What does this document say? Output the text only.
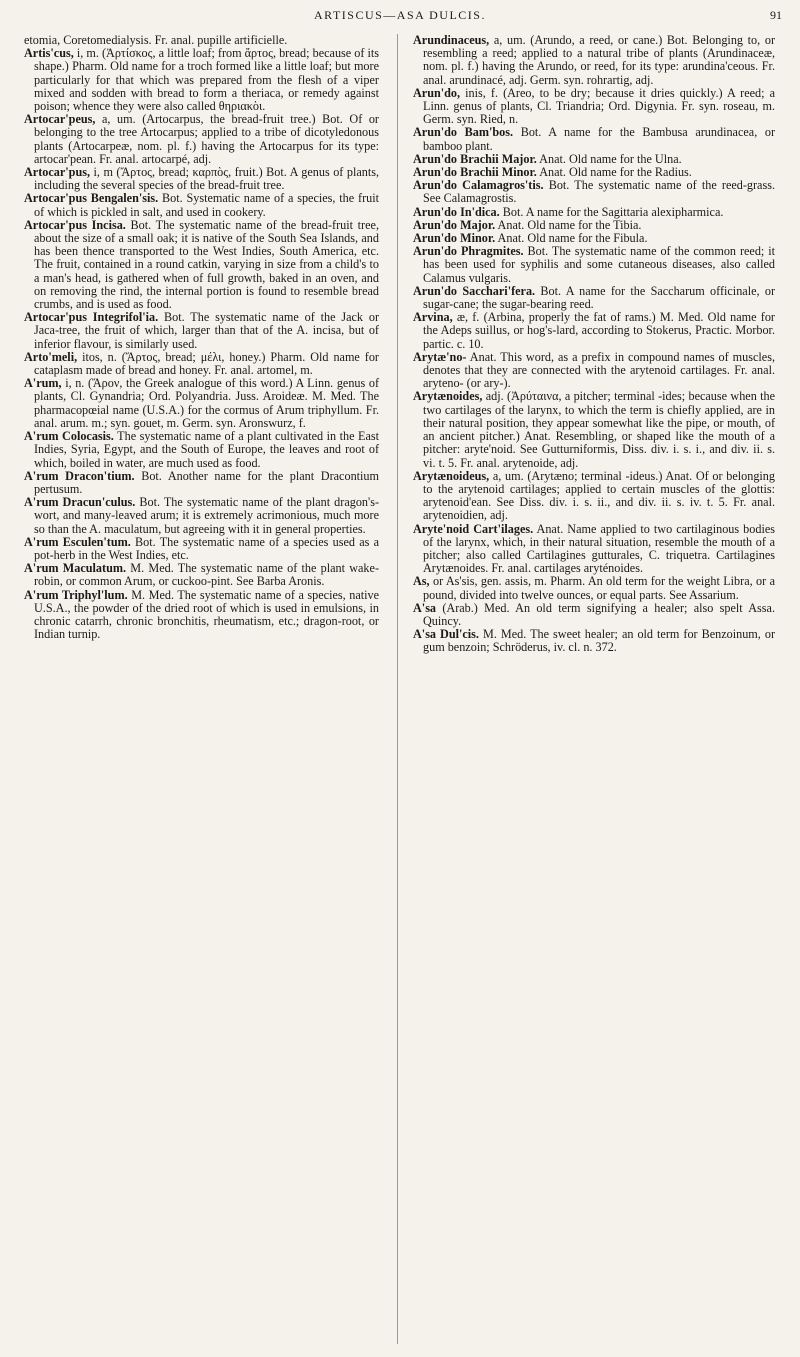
ARTISCUS—ASA DULCIS.	91

etomia, Coretomedialysis. Fr. anal. pupille artificielle.

Artis'cus, i, m. (Ἀρτίσκος, a little loaf; from ἄρτος, bread; because of its shape.) Pharm. Old name for a troch formed like a little loaf; but more particularly for that which was prepared from the flesh of a viper mixed and sodden with bread to form a theriaca, or remedy against poison; whence they were also called θηριακὸι.

Artocar'peus, a, um. (Artocarpus, the bread-fruit tree.) Bot. Of or belonging to the tree Artocarpus; applied to a tribe of dicotyledonous plants (Artocarpeæ, nom. pl. f.) having the Artocarpus for its type: artocar'pean. Fr. anal. artocarpé, adj.

Artocar'pus, i, m (Ἄρτος, bread; καρπὸς, fruit.) Bot. A genus of plants, including the several species of the bread-fruit tree.

Artocar'pus Bengalen'sis. Bot. Systematic name of a species, the fruit of which is pickled in salt, and used in cookery.

Artocar'pus Incisa. Bot. The systematic name of the bread-fruit tree, about the size of a small oak; it is native of the South Sea Islands, and has been thence transported to the West Indies, South America, etc. The fruit, contained in a round catkin, varying in size from a child's to a man's head, is gathered when of full growth, baked in an oven, and on removing the rind, the internal portion is found to resemble bread crumbs, and is used as food.

Artocar'pus Integrifol'ia. Bot. The systematic name of the Jack or Jaca-tree, the fruit of which, larger than that of the A. incisa, but of inferior flavour, is similarly used.

Arto'meli, itos, n. (Ἄρτος, bread; μέλι, honey.) Pharm. Old name for cataplasm made of bread and honey. Fr. anal. artomel, m.

A'rum, i, n. (Ἄρον, the Greek analogue of this word.) A Linn. genus of plants, Cl. Gynandria; Ord. Polyandria. Juss. Aroideæ. M. Med. The pharmacopœial name (U.S.A.) for the cormus of Arum triphyllum. Fr. anal. arum. m.; syn. gouet, m. Germ. syn. Aronswurz, f.

A'rum Colocasis. The systematic name of a plant cultivated in the East Indies, Syria, Egypt, and the South of Europe, the leaves and root of which, boiled in water, are much used as food.

A'rum Dracon'tium. Bot. Another name for the plant Dracontium pertusum.

A'rum Dracun'culus. Bot. The systematic name of the plant dragon's-wort, and many-leaved arum; it is extremely acrimonious, much more so than the A. maculatum, but agreeing with it in general properties.

A'rum Esculen'tum. Bot. The systematic name of a species used as a pot-herb in the West Indies, etc.

A'rum Maculatum. M. Med. The systematic name of the plant wake-robin, or common Arum, or cuckoo-pint. See Barba Aronis.

A'rum Triphyl'lum. M. Med. The systematic name of a species, native U.S.A., the powder of the dried root of which is used in emulsions, in chronic catarrh, chronic bronchitis, rheumatism, etc.; dragon-root, or Indian turnip.

Arundinaceus, a, um. (Arundo, a reed, or cane.) Bot. Belonging to, or resembling a reed; applied to a natural tribe of plants (Arundinaceæ, nom. pl. f.) having the Arundo, or reed, for its type: arundina'ceous. Fr. anal. arundinacé, adj. Germ. syn. rohrartig, adj.

Arun'do, inis, f. (Areo, to be dry; because it dries quickly.) A reed; a Linn. genus of plants, Cl. Triandria; Ord. Digynia. Fr. syn. roseau, m. Germ. syn. Ried, n.

Arun'do Bam'bos. Bot. A name for the Bambusa arundinacea, or bamboo plant.

Arun'do Brachii Major. Anat. Old name for the Ulna.

Arun'do Brachii Minor. Anat. Old name for the Radius.

Arun'do Calamagros'tis. Bot. The systematic name of the reed-grass. See Calamagrostis.

Arun'do In'dica. Bot. A name for the Sagittaria alexipharmica.

Arun'do Major. Anat. Old name for the Tibia.

Arun'do Minor. Anat. Old name for the Fibula.

Arun'do Phragmites. Bot. The systematic name of the common reed; it has been used for syphilis and some cutaneous diseases, also called Calamus vulgaris.

Arun'do Sacchari'fera. Bot. A name for the Saccharum officinale, or sugar-cane; the sugar-bearing reed.

Arvina, æ, f. (Arbina, properly the fat of rams.) M. Med. Old name for the Adeps suillus, or hog's-lard, according to Stokerus, Practic. Morbor. partic. c. 10.

Arytæ'no- Anat. This word, as a prefix in compound names of muscles, denotes that they are connected with the arytenoid cartilages. Fr. anal. aryteno- (or ary-).

Arytænoides, adj. (Ἀρύταινα, a pitcher; terminal -ides; because when the two cartilages of the larynx, to which the term is chiefly applied, are in their natural position, they appear somewhat like the pipe, or mouth, of an ancient pitcher.) Anat. Resembling, or shaped like the mouth of a pitcher: aryte'noid. See Gutturniformis, Diss. div. i. s. i., and div. ii. s. vi. t. 5. Fr. anal. arytenoide, adj.

Arytænoideus, a, um. (Arytæno; terminal -ideus.) Anat. Of or belonging to the arytenoid cartilages; applied to certain muscles of the glottis: arytenoid'ean. See Diss. div. i. s. ii., and div. ii. s. iv. t. 5. Fr. anal. arytenoidien, adj.

Aryte'noid Cart'ilages. Anat. Name applied to two cartilaginous bodies of the larynx, which, in their natural situation, resemble the mouth of a pitcher; also called Cartilagines gutturales, C. triquetra. Cartilagines Arytænoides. Fr. anal. cartilages aryténoides.

As, or As'sis, gen. assis, m. Pharm. An old term for the weight Libra, or a pound, divided into twelve ounces, or equal parts. See Assarium.

A'sa (Arab.) Med. An old term signifying a healer; also spelt Assa. Quincy.

A'sa Dul'cis. M. Med. The sweet healer; an old term for Benzoinum, or gum benzoin; Schröderus, iv. cl. n. 372.
